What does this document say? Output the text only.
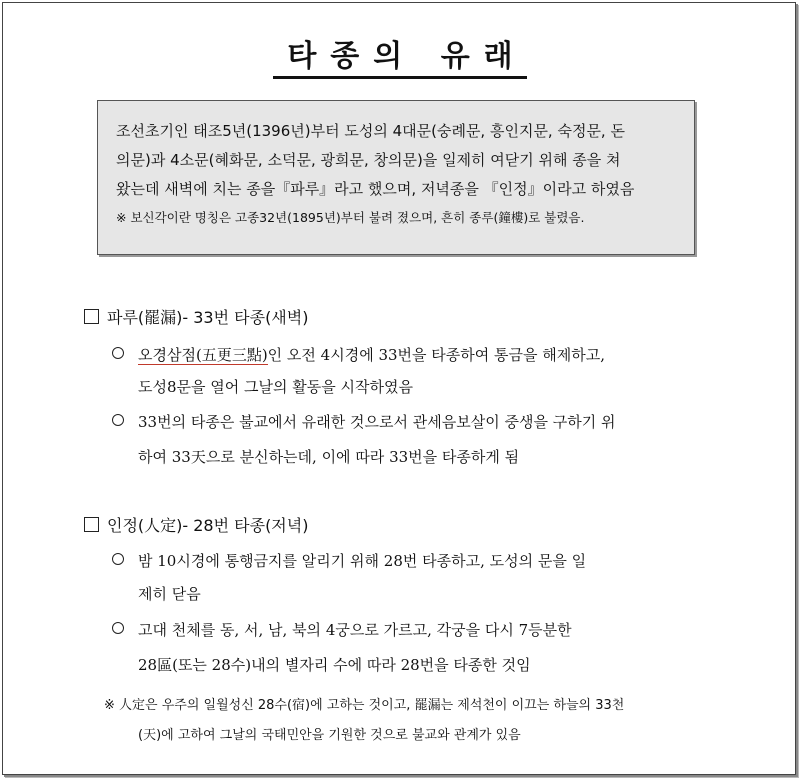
타종의 유래

조선초기인 태조5년(1396년)부터 도성의 4대문(숭례문, 흥인지문, 숙정문, 돈

의문)과 4소문(혜화문, 소덕문, 광희문, 창의문)을 일제히 여닫기 위해 종을 쳐

왔는데 새벽에 치는 종을『파루』라고 했으며, 저녁종을 『인정』이라고 하였음

※ 보신각이란 명칭은 고종32년(1895년)부터 불려 졌으며, 흔히 종루(鐘樓)로 불렸음.

파루(罷漏)- 33번 타종(새벽)
오경삼점(五更三點)인 오전 4시경에 33번을 타종하여 통금을 해제하고,
도성8문을 열어 그날의 활동을 시작하였음
33번의 타종은 불교에서 유래한 것으로서 관세음보살이 중생을 구하기 위
하여 33天으로 분신하는데, 이에 따라 33번을 타종하게 됨
인정(人定)- 28번 타종(저녁)
밤 10시경에 통행금지를 알리기 위해 28번 타종하고, 도성의 문을 일
제히 닫음
고대 천체를 동, 서, 남, 북의 4궁으로 가르고, 각궁을 다시 7등분한
28區(또는 28수)내의 별자리 수에 따라 28번을 타종한 것임
※ 人定은 우주의 일월성신 28수(宿)에 고하는 것이고, 罷漏는 제석천이 이끄는 하늘의 33천
(天)에 고하여 그날의 국태민안을 기원한 것으로 불교와 관계가 있음
